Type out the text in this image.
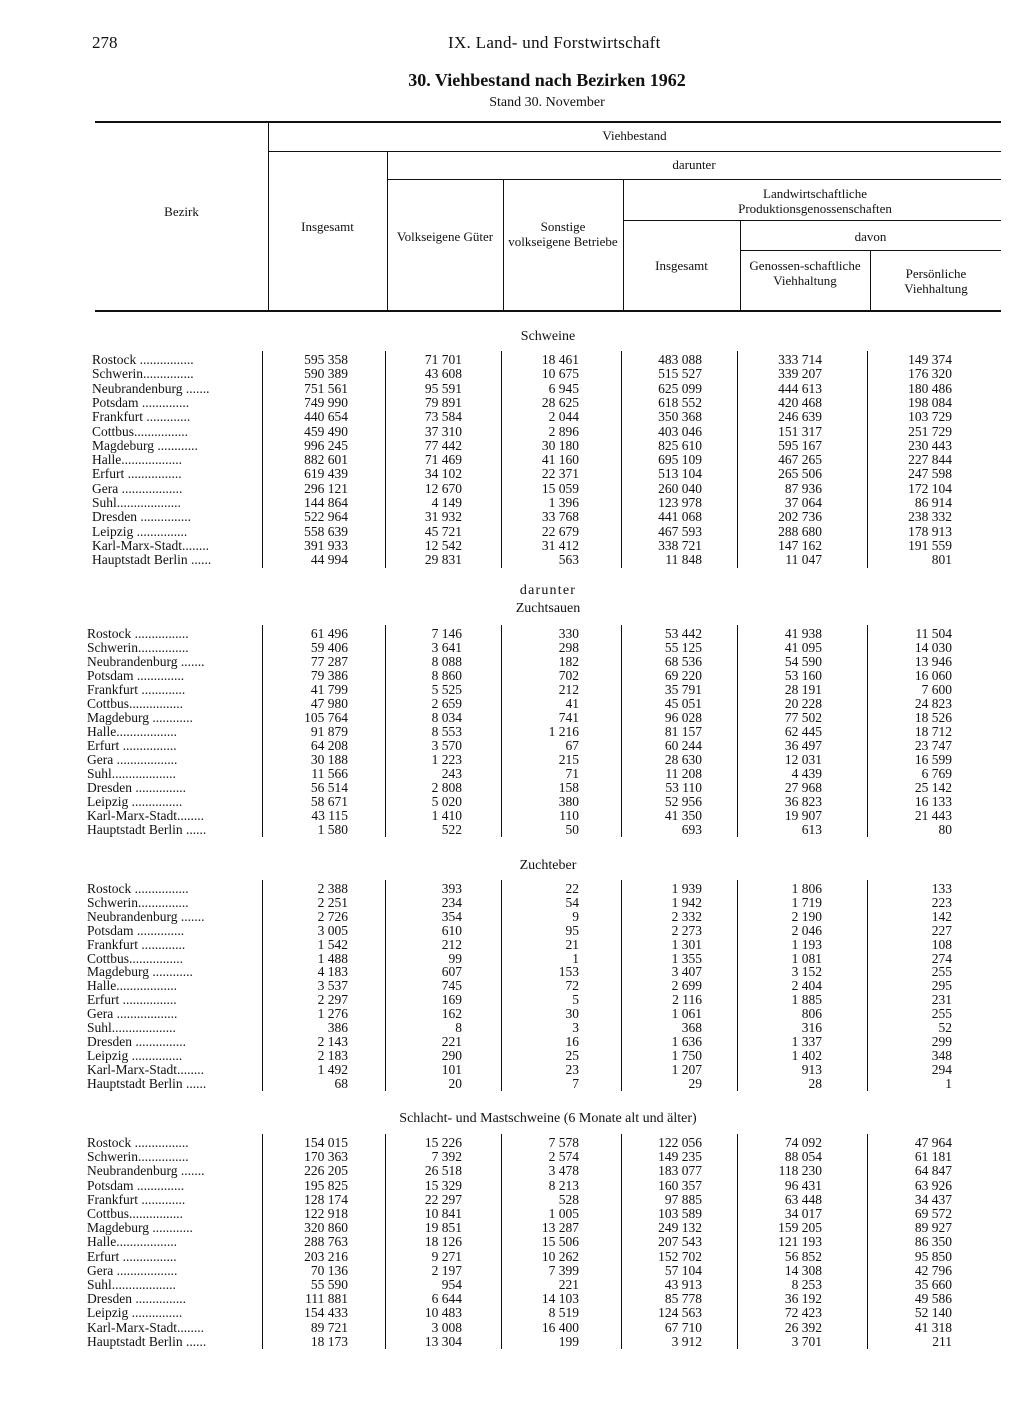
278	IX. Land- und Forstwirtschaft
30. Viehbestand nach Bezirken 1962
Stand 30. November
Bezirk
Viehbestand
Insgesamt
darunter
Volkseigene Güter
Sonstige volkseigene Betriebe
Landwirtschaftliche Produktionsgenossenschaften
Insgesamt
davon
Genossen-schaftliche Viehhaltung	Persönliche Viehhaltung
Schweine
Rostock ................	595 358	71 701	18 461	483 088	333 714	149 374
Schwerin...............	590 389	43 608	10 675	515 527	339 207	176 320
Neubrandenburg .......	751 561	95 591	6 945	625 099	444 613	180 486
Potsdam ..............	749 990	79 891	28 625	618 552	420 468	198 084
Frankfurt .............	440 654	73 584	2 044	350 368	246 639	103 729
Cottbus................	459 490	37 310	2 896	403 046	151 317	251 729
Magdeburg ............	996 245	77 442	30 180	825 610	595 167	230 443
Halle..................	882 601	71 469	41 160	695 109	467 265	227 844
Erfurt ................	619 439	34 102	22 371	513 104	265 506	247 598
Gera ..................	296 121	12 670	15 059	260 040	87 936	172 104
Suhl...................	144 864	4 149	1 396	123 978	37 064	86 914
Dresden ...............	522 964	31 932	33 768	441 068	202 736	238 332
Leipzig ...............	558 639	45 721	22 679	467 593	288 680	178 913
Karl-Marx-Stadt........	391 933	12 542	31 412	338 721	147 162	191 559
Hauptstadt Berlin ......	44 994	29 831	563	11 848	11 047	801
darunter
Zuchtsauen
Rostock ................	61 496	7 146	330	53 442	41 938	11 504
Schwerin...............	59 406	3 641	298	55 125	41 095	14 030
Neubrandenburg .......	77 287	8 088	182	68 536	54 590	13 946
Potsdam ..............	79 386	8 860	702	69 220	53 160	16 060
Frankfurt .............	41 799	5 525	212	35 791	28 191	7 600
Cottbus................	47 980	2 659	41	45 051	20 228	24 823
Magdeburg ............	105 764	8 034	741	96 028	77 502	18 526
Halle..................	91 879	8 553	1 216	81 157	62 445	18 712
Erfurt ................	64 208	3 570	67	60 244	36 497	23 747
Gera ..................	30 188	1 223	215	28 630	12 031	16 599
Suhl...................	11 566	243	71	11 208	4 439	6 769
Dresden ...............	56 514	2 808	158	53 110	27 968	25 142
Leipzig ...............	58 671	5 020	380	52 956	36 823	16 133
Karl-Marx-Stadt........	43 115	1 410	110	41 350	19 907	21 443
Hauptstadt Berlin ......	1 580	522	50	693	613	80
Zuchteber
Rostock ................	2 388	393	22	1 939	1 806	133
Schwerin...............	2 251	234	54	1 942	1 719	223
Neubrandenburg .......	2 726	354	9	2 332	2 190	142
Potsdam ..............	3 005	610	95	2 273	2 046	227
Frankfurt .............	1 542	212	21	1 301	1 193	108
Cottbus................	1 488	99	1	1 355	1 081	274
Magdeburg ............	4 183	607	153	3 407	3 152	255
Halle..................	3 537	745	72	2 699	2 404	295
Erfurt ................	2 297	169	5	2 116	1 885	231
Gera ..................	1 276	162	30	1 061	806	255
Suhl...................	386	8	3	368	316	52
Dresden ...............	2 143	221	16	1 636	1 337	299
Leipzig ...............	2 183	290	25	1 750	1 402	348
Karl-Marx-Stadt........	1 492	101	23	1 207	913	294
Hauptstadt Berlin ......	68	20	7	29	28	1
Schlacht- und Mastschweine (6 Monate alt und älter)
Rostock ................	154 015	15 226	7 578	122 056	74 092	47 964
Schwerin...............	170 363	7 392	2 574	149 235	88 054	61 181
Neubrandenburg .......	226 205	26 518	3 478	183 077	118 230	64 847
Potsdam ..............	195 825	15 329	8 213	160 357	96 431	63 926
Frankfurt .............	128 174	22 297	528	97 885	63 448	34 437
Cottbus................	122 918	10 841	1 005	103 589	34 017	69 572
Magdeburg ............	320 860	19 851	13 287	249 132	159 205	89 927
Halle..................	288 763	18 126	15 506	207 543	121 193	86 350
Erfurt ................	203 216	9 271	10 262	152 702	56 852	95 850
Gera ..................	70 136	2 197	7 399	57 104	14 308	42 796
Suhl...................	55 590	954	221	43 913	8 253	35 660
Dresden ...............	111 881	6 644	14 103	85 778	36 192	49 586
Leipzig ...............	154 433	10 483	8 519	124 563	72 423	52 140
Karl-Marx-Stadt........	89 721	3 008	16 400	67 710	26 392	41 318
Hauptstadt Berlin ......	18 173	13 304	199	3 912	3 701	211
